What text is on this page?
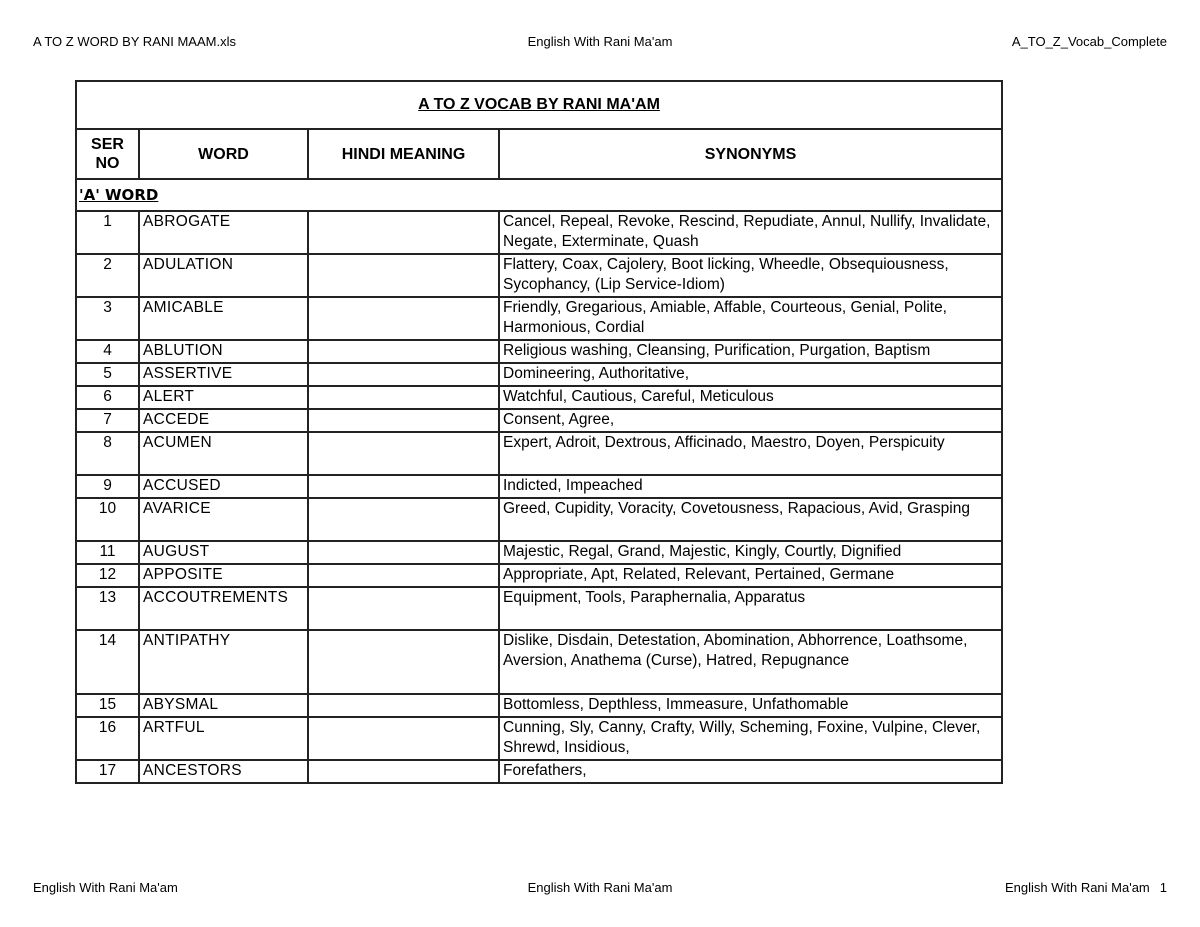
A TO Z WORD BY RANI MAAM.xls	English With Rani Ma'am	A_TO_Z_Vocab_Complete
A TO Z VOCAB BY RANI MA'AM			
SER NO	WORD	HINDI MEANING	SYNONYMS
'A' WORD			
1	ABROGATE		Cancel, Repeal, Revoke, Rescind, Repudiate, Annul, Nullify, Invalidate, Negate, Exterminate, Quash
2	ADULATION		Flattery, Coax, Cajolery, Boot licking, Wheedle, Obsequiousness, Sycophancy, (Lip Service-Idiom)
3	AMICABLE		Friendly, Gregarious, Amiable, Affable, Courteous, Genial, Polite, Harmonious, Cordial
4	ABLUTION		Religious washing, Cleansing, Purification, Purgation, Baptism
5	ASSERTIVE		Domineering, Authoritative,
6	ALERT		Watchful, Cautious, Careful, Meticulous
7	ACCEDE		Consent, Agree,
8	ACUMEN		Expert, Adroit, Dextrous, Afficinado, Maestro, Doyen, Perspicuity
9	ACCUSED		Indicted, Impeached
10	AVARICE		Greed, Cupidity, Voracity, Covetousness, Rapacious, Avid, Grasping
11	AUGUST		Majestic, Regal, Grand, Majestic, Kingly, Courtly, Dignified
12	APPOSITE		Appropriate, Apt, Related, Relevant, Pertained, Germane
13	ACCOUTREMENTS		Equipment, Tools, Paraphernalia, Apparatus
14	ANTIPATHY		Dislike, Disdain, Detestation, Abomination, Abhorrence, Loathsome, Aversion, Anathema (Curse), Hatred, Repugnance
15	ABYSMAL		Bottomless, Depthless, Immeasure, Unfathomable
16	ARTFUL		Cunning, Sly, Canny, Crafty, Willy, Scheming, Foxine, Vulpine, Clever, Shrewd, Insidious,
17	ANCESTORS		Forefathers,
English With Rani Ma'am	English With Rani Ma'am	English With Rani Ma'am 1
